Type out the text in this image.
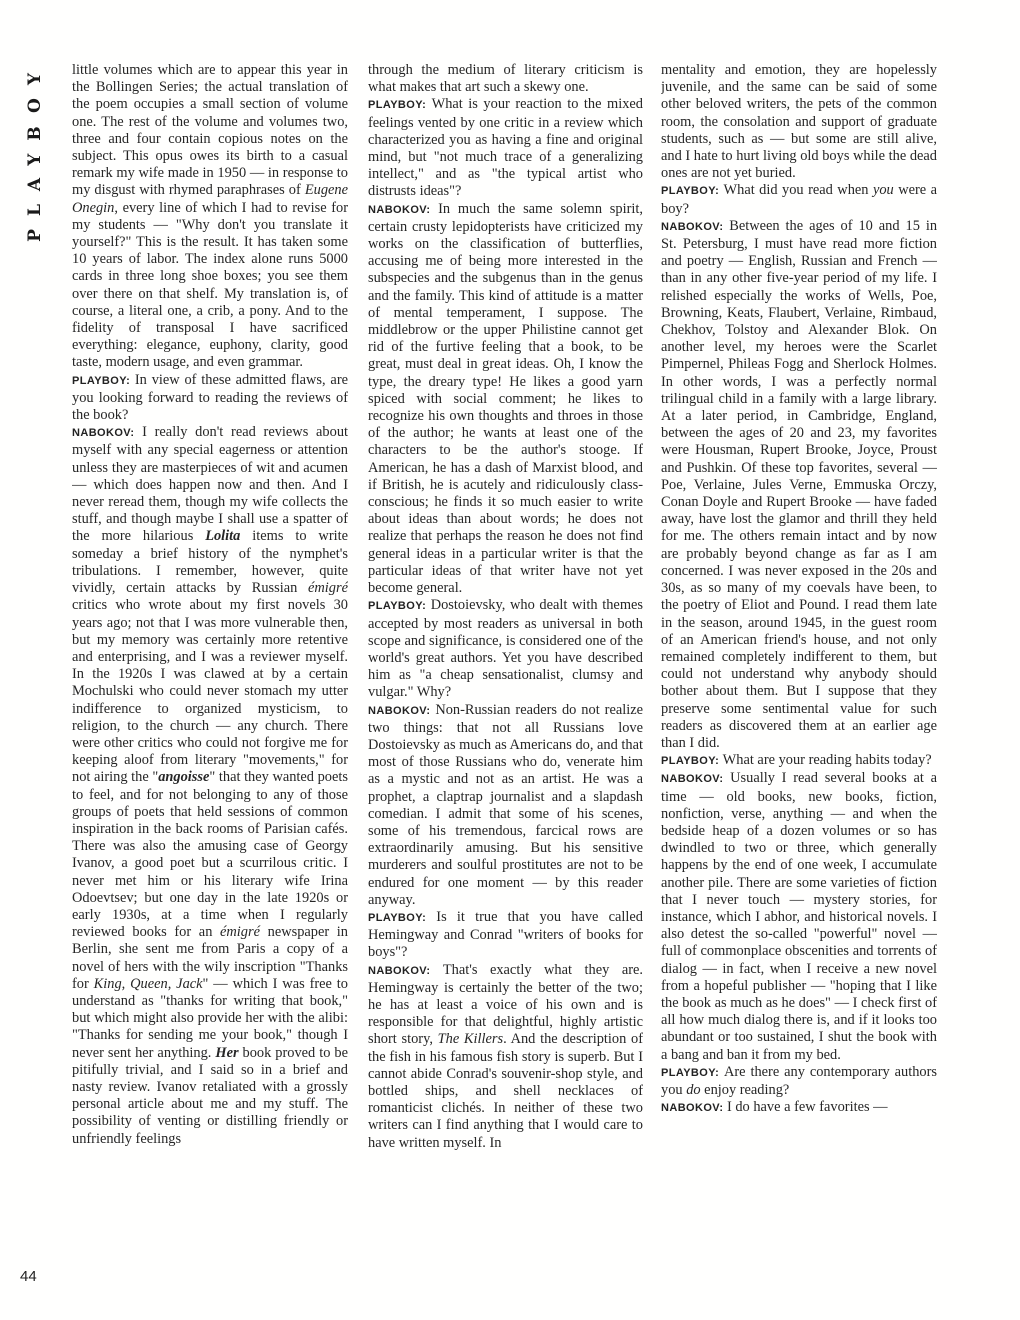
PLAYBOY	little volumes which are to appear this year in the Bollingen Series; the actual translation of the poem occupies a small section of volume one. The rest of the volume and volumes two, three and four contain copious notes on the subject. This opus owes its birth to a casual remark my wife made in 1950 — in response to my disgust with rhymed paraphrases of Eugene Onegin, every line of which I had to revise for my students — "Why don't you translate it yourself?" This is the result. It has taken some 10 years of labor. The index alone runs 5000 cards in three long shoe boxes; you see them over there on that shelf. My translation is, of course, a literal one, a crib, a pony. And to the fidelity of transposal I have sacrificed everything: elegance, euphony, clarity, good taste, modern usage, and even grammar.

PLAYBOY: In view of these admitted flaws, are you looking forward to reading the reviews of the book?

NABOKOV: I really don't read reviews about myself with any special eagerness or attention unless they are masterpieces of wit and acumen — which does happen now and then. And I never reread them, though my wife collects the stuff, and though maybe I shall use a spatter of the more hilarious Lolita items to write someday a brief history of the nymphet's tribulations. I remember, however, quite vividly, certain attacks by Russian émigré critics who wrote about my first novels 30 years ago; not that I was more vulnerable then, but my memory was certainly more retentive and enterprising, and I was a reviewer myself. In the 1920s I was clawed at by a certain Mochulski who could never stomach my utter indifference to organized mysticism, to religion, to the church — any church. There were other critics who could not forgive me for keeping aloof from literary "movements," for not airing the "angoisse" that they wanted poets to feel, and for not belonging to any of those groups of poets that held sessions of common inspiration in the back rooms of Parisian cafés. There was also the amusing case of Georgy Ivanov, a good poet but a scurrilous critic. I never met him or his literary wife Irina Odoevtsev; but one day in the late 1920s or early 1930s, at a time when I regularly reviewed books for an émigré newspaper in Berlin, she sent me from Paris a copy of a novel of hers with the wily inscription "Thanks for King, Queen, Jack" — which I was free to understand as "thanks for writing that book," but which might also provide her with the alibi: "Thanks for sending me your book," though I never sent her anything. Her book proved to be pitifully trivial, and I said so in a brief and nasty review. Ivanov retaliated with a grossly personal article about me and my stuff. The possibility of venting or distilling friendly or unfriendly feelings

through the medium of literary criticism is what makes that art such a skewy one.

PLAYBOY: What is your reaction to the mixed feelings vented by one critic in a review which characterized you as having a fine and original mind, but "not much trace of a generalizing intellect," and as "the typical artist who distrusts ideas"?

NABOKOV: In much the same solemn spirit, certain crusty lepidopterists have criticized my works on the classification of butterflies, accusing me of being more interested in the subspecies and the subgenus than in the genus and the family. This kind of attitude is a matter of mental temperament, I suppose. The middlebrow or the upper Philistine cannot get rid of the furtive feeling that a book, to be great, must deal in great ideas. Oh, I know the type, the dreary type! He likes a good yarn spiced with social comment; he likes to recognize his own thoughts and throes in those of the author; he wants at least one of the characters to be the author's stooge. If American, he has a dash of Marxist blood, and if British, he is acutely and ridiculously class-conscious; he finds it so much easier to write about ideas than about words; he does not realize that perhaps the reason he does not find general ideas in a particular writer is that the particular ideas of that writer have not yet become general.

PLAYBOY: Dostoievsky, who dealt with themes accepted by most readers as universal in both scope and significance, is considered one of the world's great authors. Yet you have described him as "a cheap sensationalist, clumsy and vulgar." Why?

NABOKOV: Non-Russian readers do not realize two things: that not all Russians love Dostoievsky as much as Americans do, and that most of those Russians who do, venerate him as a mystic and not as an artist. He was a prophet, a claptrap journalist and a slapdash comedian. I admit that some of his scenes, some of his tremendous, farcical rows are extraordinarily amusing. But his sensitive murderers and soulful prostitutes are not to be endured for one moment — by this reader anyway.

PLAYBOY: Is it true that you have called Hemingway and Conrad "writers of books for boys"?

NABOKOV: That's exactly what they are. Hemingway is certainly the better of the two; he has at least a voice of his own and is responsible for that delightful, highly artistic short story, The Killers. And the description of the fish in his famous fish story is superb. But I cannot abide Conrad's souvenir-shop style, and bottled ships, and shell necklaces of romanticist clichés. In neither of these two writers can I find anything that I would care to have written myself. In

mentality and emotion, they are hopelessly juvenile, and the same can be said of some other beloved writers, the pets of the common room, the consolation and support of graduate students, such as — but some are still alive, and I hate to hurt living old boys while the dead ones are not yet buried.

PLAYBOY: What did you read when you were a boy?

NABOKOV: Between the ages of 10 and 15 in St. Petersburg, I must have read more fiction and poetry — English, Russian and French — than in any other five-year period of my life. I relished especially the works of Wells, Poe, Browning, Keats, Flaubert, Verlaine, Rimbaud, Chekhov, Tolstoy and Alexander Blok. On another level, my heroes were the Scarlet Pimpernel, Phileas Fogg and Sherlock Holmes. In other words, I was a perfectly normal trilingual child in a family with a large library. At a later period, in Cambridge, England, between the ages of 20 and 23, my favorites were Housman, Rupert Brooke, Joyce, Proust and Pushkin. Of these top favorites, several — Poe, Verlaine, Jules Verne, Emmuska Orczy, Conan Doyle and Rupert Brooke — have faded away, have lost the glamor and thrill they held for me. The others remain intact and by now are probably beyond change as far as I am concerned. I was never exposed in the 20s and 30s, as so many of my coevals have been, to the poetry of Eliot and Pound. I read them late in the season, around 1945, in the guest room of an American friend's house, and not only remained completely indifferent to them, but could not understand why anybody should bother about them. But I suppose that they preserve some sentimental value for such readers as discovered them at an earlier age than I did.

PLAYBOY: What are your reading habits today?

NABOKOV: Usually I read several books at a time — old books, new books, fiction, nonfiction, verse, anything — and when the bedside heap of a dozen volumes or so has dwindled to two or three, which generally happens by the end of one week, I accumulate another pile. There are some varieties of fiction that I never touch — mystery stories, for instance, which I abhor, and historical novels. I also detest the so-called "powerful" novel — full of commonplace obscenities and torrents of dialog — in fact, when I receive a new novel from a hopeful publisher — "hoping that I like the book as much as he does" — I check first of all how much dialog there is, and if it looks too abundant or too sustained, I shut the book with a bang and ban it from my bed.

PLAYBOY: Are there any contemporary authors you do enjoy reading?

NABOKOV: I do have a few favorites —

44
